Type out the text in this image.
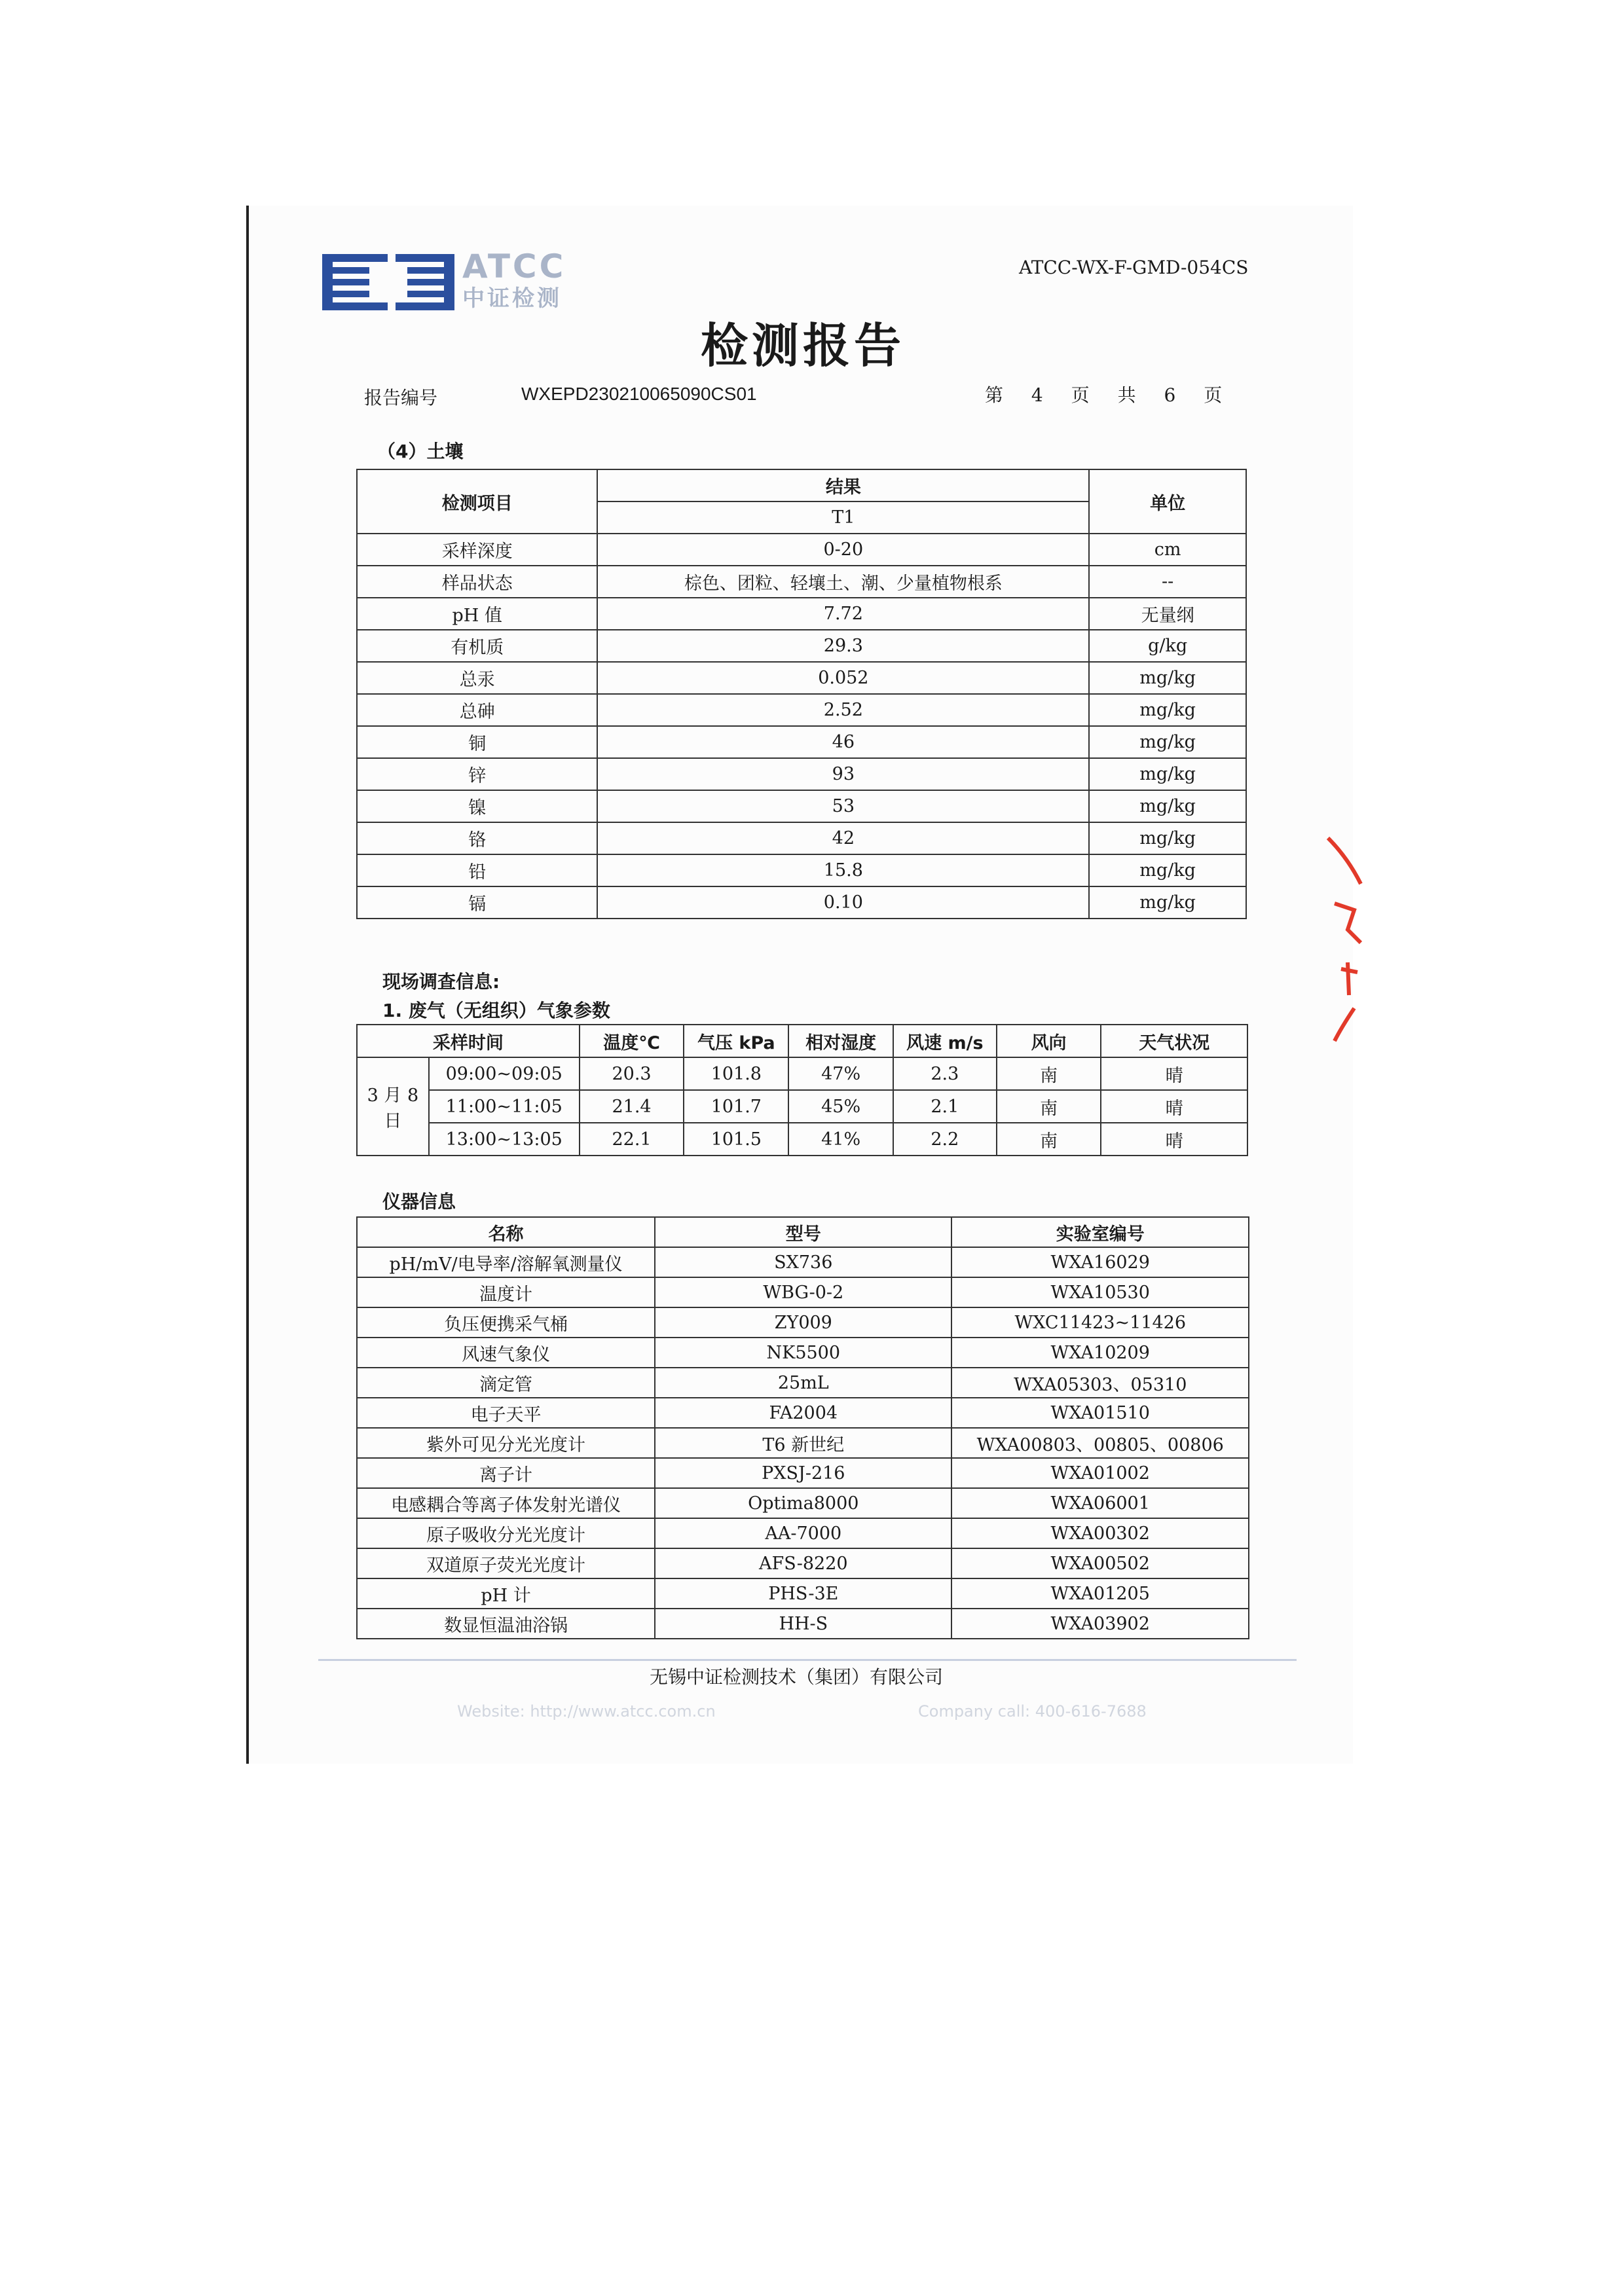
ATCC
中证检测
ATCC-WX-F-GMD-054CS
检测报告
报告编号	WXEPD230210065090CS01	第 4 页 共 6 页
（4）土壤
检测项目	结果	单位
	T1	
采样深度	0-20	cm
样品状态	棕色、团粒、轻壤土、潮、少量植物根系	--
pH 值	7.72	无量纲
有机质	29.3	g/kg
总汞	0.052	mg/kg
总砷	2.52	mg/kg
铜	46	mg/kg
锌	93	mg/kg
镍	53	mg/kg
铬	42	mg/kg
铅	15.8	mg/kg
镉	0.10	mg/kg
现场调查信息:
1. 废气（无组织）气象参数
采样时间		温度℃	气压 kPa	相对湿度	风速 m/s	风向	天气状况
3 月 8 日	09:00~09:05	20.3	101.8	47%	2.3	南	晴
	11:00~11:05	21.4	101.7	45%	2.1	南	晴
	13:00~13:05	22.1	101.5	41%	2.2	南	晴
仪器信息
名称	型号	实验室编号
pH/mV/电导率/溶解氧测量仪	SX736	WXA16029
温度计	WBG-0-2	WXA10530
负压便携采气桶	ZY009	WXC11423~11426
风速气象仪	NK5500	WXA10209
滴定管	25mL	WXA05303、05310
电子天平	FA2004	WXA01510
紫外可见分光光度计	T6 新世纪	WXA00803、00805、00806
离子计	PXSJ-216	WXA01002
电感耦合等离子体发射光谱仪	Optima8000	WXA06001
原子吸收分光光度计	AA-7000	WXA00302
双道原子荧光光度计	AFS-8220	WXA00502
pH 计	PHS-3E	WXA01205
数显恒温油浴锅	HH-S	WXA03902
无锡中证检测技术（集团）有限公司
Website: http://www.atcc.com.cn	Company call: 400-616-7688
